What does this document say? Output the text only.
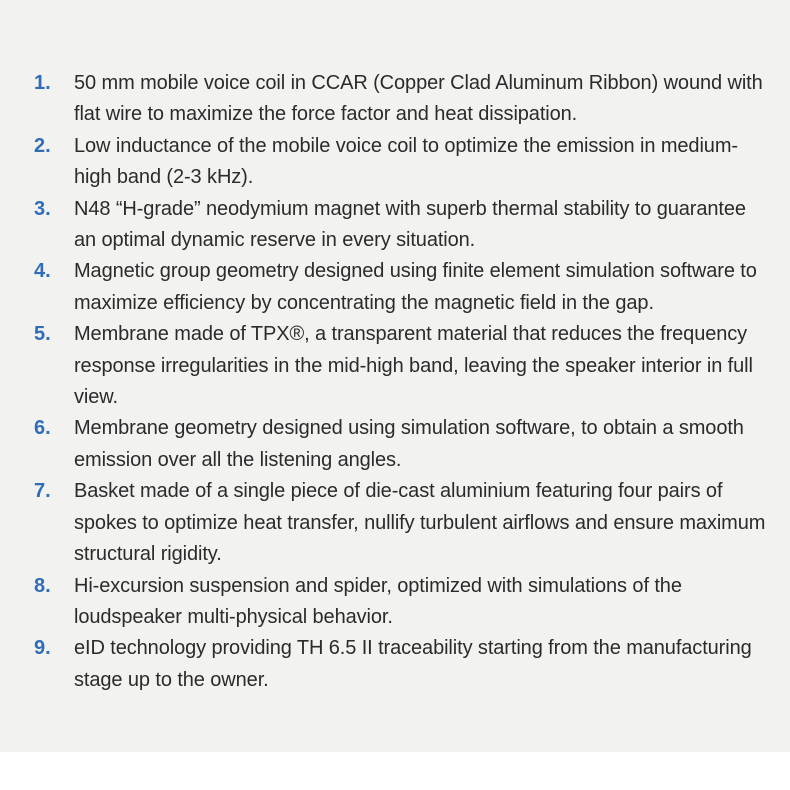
1.	50 mm mobile voice coil in CCAR (Copper Clad Aluminum Ribbon) wound with flat wire to maximize the force factor and heat dissipation.
2.	Low inductance of the mobile voice coil to optimize the emission in medium-high band (2-3 kHz).
3.	N48 “H-grade” neodymium magnet with superb thermal stability to guarantee an optimal dynamic reserve in every situation.
4.	Magnetic group geometry designed using finite element simulation software to maximize efficiency by concentrating the magnetic field in the gap.
5.	Membrane made of TPX®, a transparent material that reduces the frequency response irregularities in the mid-high band, leaving the speaker interior in full view.
6.	Membrane geometry designed using simulation software, to obtain a smooth emission over all the listening angles.
7.	Basket made of a single piece of die-cast aluminium featuring four pairs of spokes to optimize heat transfer, nullify turbulent airflows and ensure maximum structural rigidity.
8.	Hi-excursion suspension and spider, optimized with simulations of the loudspeaker multi-physical behavior.
9.	eID technology providing TH 6.5 II traceability starting from the manufacturing stage up to the owner.
